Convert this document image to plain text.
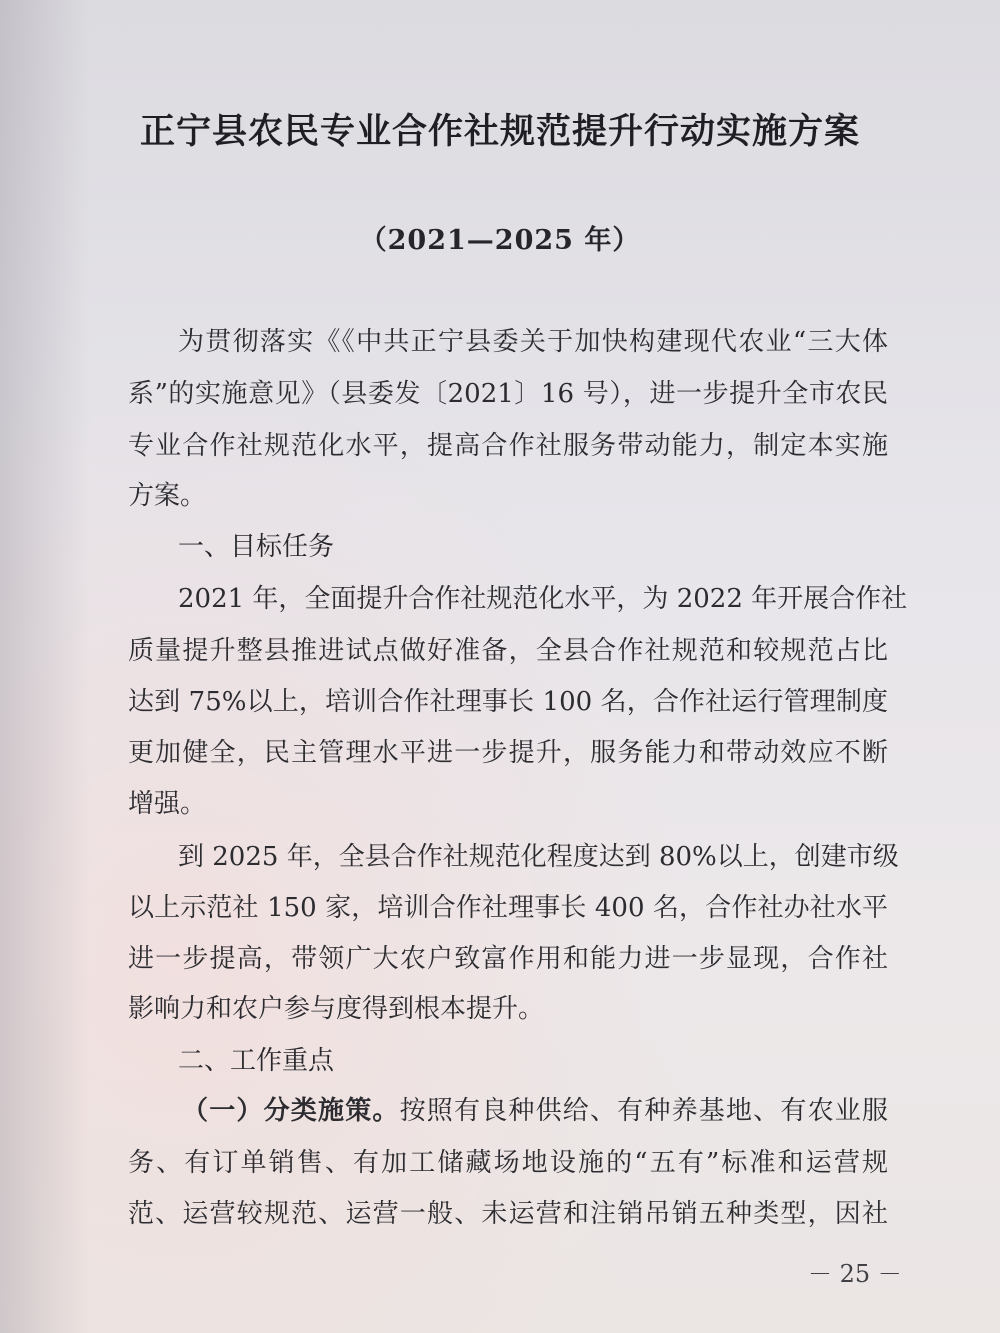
正宁县农民专业合作社规范提升行动实施方案
（2021—2025 年）
为贯彻落实《《中共正宁县委关于加快构建现代农业“三大体
系”的实施意见》（县委发〔2021〕16 号），进一步提升全市农民
专业合作社规范化水平，提高合作社服务带动能力，制定本实施
方案。
一、目标任务
2021 年，全面提升合作社规范化水平，为 2022 年开展合作社
质量提升整县推进试点做好准备，全县合作社规范和较规范占比
达到 75%以上，培训合作社理事长 100 名，合作社运行管理制度
更加健全，民主管理水平进一步提升，服务能力和带动效应不断
增强。
到 2025 年，全县合作社规范化程度达到 80%以上，创建市级
以上示范社 150 家，培训合作社理事长 400 名，合作社办社水平
进一步提高，带领广大农户致富作用和能力进一步显现，合作社
影响力和农户参与度得到根本提升。
二、工作重点
（一）分类施策。按照有良种供给、有种养基地、有农业服
务、有订单销售、有加工储藏场地设施的“五有”标准和运营规
范、运营较规范、运营一般、未运营和注销吊销五种类型，因社
－ 25 －
